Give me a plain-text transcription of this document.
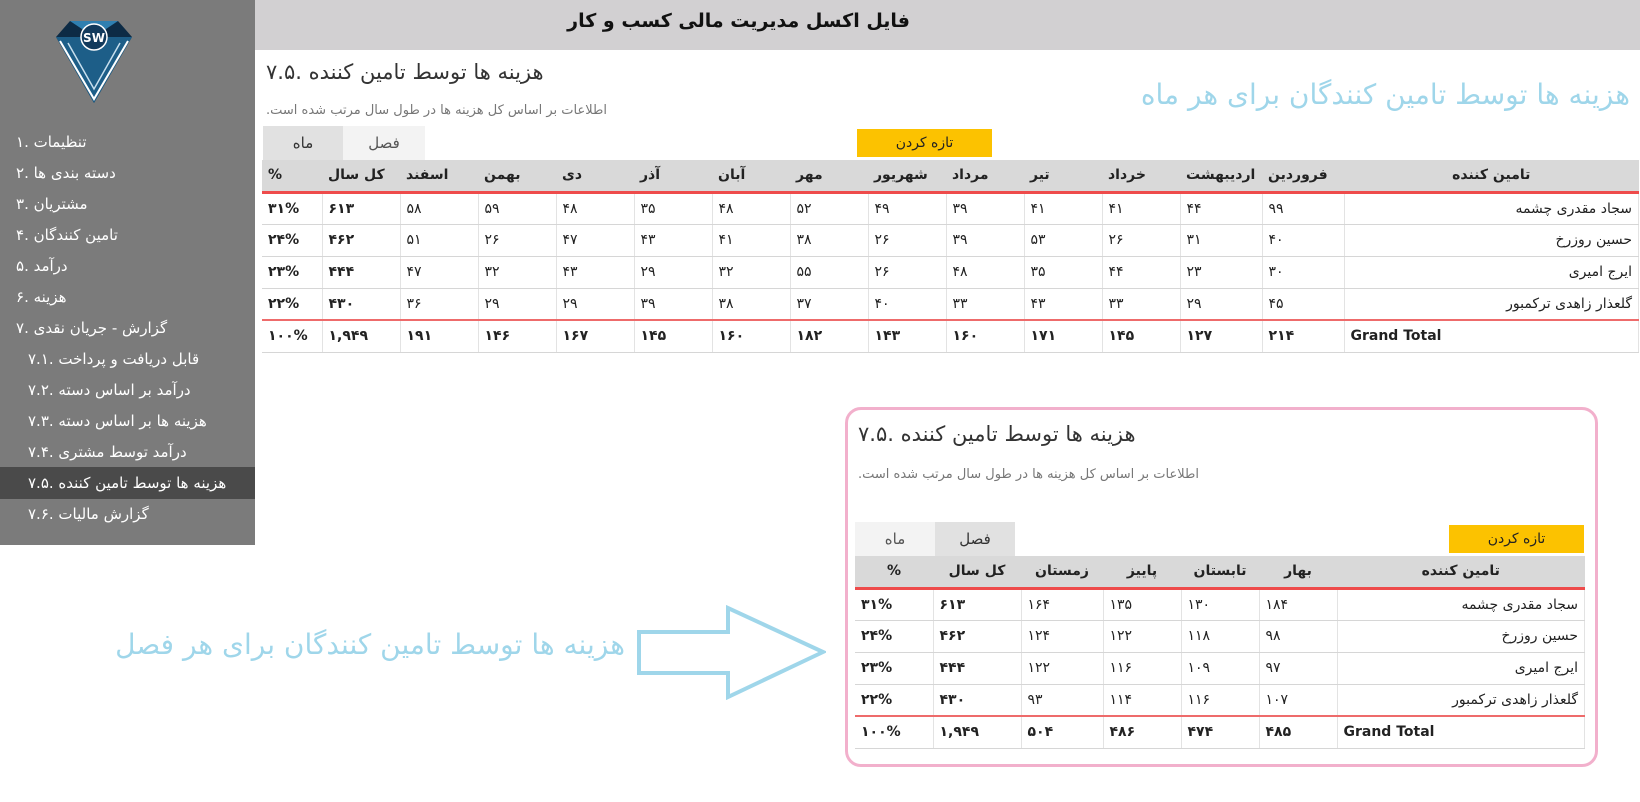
SW
تنظیمات .۱
دسته بندی ها .۲
مشتریان .۳
تامین کنندگان .۴
درآمد .۵
هزینه .۶
گزارش - جریان نقدی .۷
قابل دریافت و پرداخت .۷.۱
درآمد بر اساس دسته .۷.۲
هزینه ها بر اساس دسته .۷.۳
درآمد توسط مشتری .۷.۴
هزینه ها توسط تامین کننده .۷.۵
گزارش مالیات .۷.۶
فایل اکسل مدیریت مالی کسب و کار
هزینه ها توسط تامین کننده .۷.۵
اطلاعات بر اساس کل هزینه ها در طول سال مرتب شده است.	هزینه ها توسط تامین کنندگان برای هر ماه
تازه کردن
ماه	فصل
%	کل سال	اسفند	بهمن	دی	آذر	آبان	مهر	شهریور	مرداد	تیر	خرداد	اردیبهشت	فروردین	تامین کننده
۳۱%	۶۱۳	۵۸	۵۹	۴۸	۳۵	۴۸	۵۲	۴۹	۳۹	۴۱	۴۱	۴۴	۹۹	سجاد مقدری چشمه
۲۴%	۴۶۲	۵۱	۲۶	۴۷	۴۳	۴۱	۳۸	۲۶	۳۹	۵۳	۲۶	۳۱	۴۰	حسین روزرخ
۲۳%	۴۴۴	۴۷	۳۲	۴۳	۲۹	۳۲	۵۵	۲۶	۴۸	۳۵	۴۴	۲۳	۳۰	ایرج امیری
۲۲%	۴۳۰	۳۶	۲۹	۲۹	۳۹	۳۸	۳۷	۴۰	۳۳	۴۳	۳۳	۲۹	۴۵	گلعذار زاهدی ترکمبور
۱۰۰%	۱,۹۴۹	۱۹۱	۱۴۶	۱۶۷	۱۴۵	۱۶۰	۱۸۲	۱۴۳	۱۶۰	۱۷۱	۱۴۵	۱۲۷	۲۱۴	Grand Total
هزینه ها توسط تامین کنندگان برای هر فصل
هزینه ها توسط تامین کننده .۷.۵
اطلاعات بر اساس کل هزینه ها در طول سال مرتب شده است.
ماه	فصل	تازه کردن
%	کل سال	زمستان	پاییز	تابستان	بهار	تامین کننده
۳۱%	۶۱۳	۱۶۴	۱۳۵	۱۳۰	۱۸۴	سجاد مقدری چشمه
۲۴%	۴۶۲	۱۲۴	۱۲۲	۱۱۸	۹۸	حسین روزرخ
۲۳%	۴۴۴	۱۲۲	۱۱۶	۱۰۹	۹۷	ایرج امیری
۲۲%	۴۳۰	۹۳	۱۱۴	۱۱۶	۱۰۷	گلعذار زاهدی ترکمبور
۱۰۰%	۱,۹۴۹	۵۰۴	۴۸۶	۴۷۴	۴۸۵	Grand Total
